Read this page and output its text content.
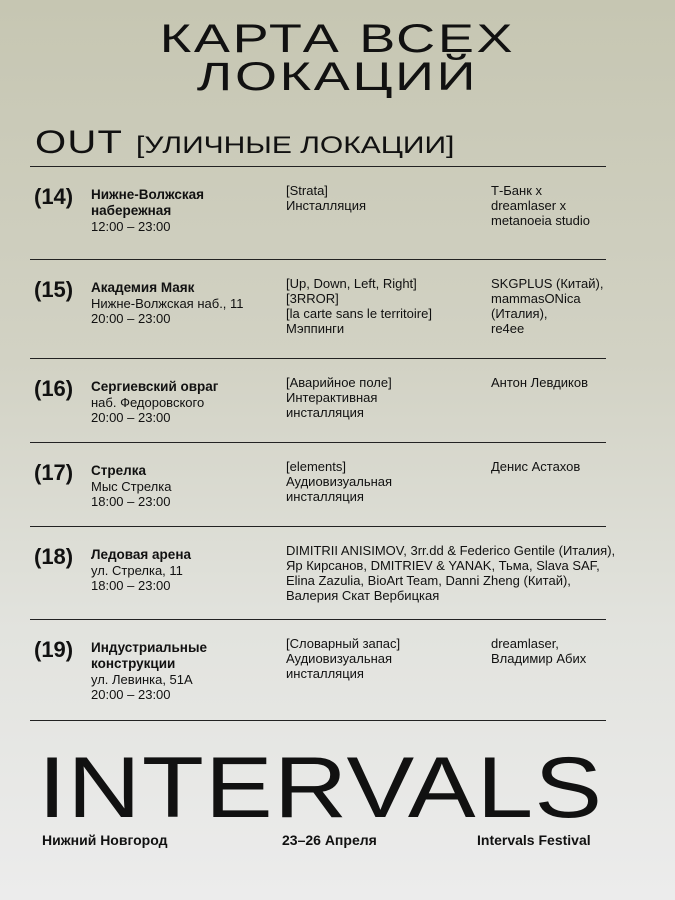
КАРТА ВСЕХ
ЛОКАЦИЙ
OUT [УЛИЧНЫЕ ЛОКАЦИИ]
(14) Нижне-Волжская
набережная
12:00 – 23:00
[Strata]
Инсталляция
Т-Банк х
dreamlaser x
metanoeia studio
(15) Академия Маяк
Нижне-Волжская наб., 11
20:00 – 23:00
[Up, Down, Left, Right]
[3RROR]
[la carte sans le territoire]
Мэппинги
SKGPLUS (Китай),
mammasONica
(Италия),
re4ee
(16) Сергиевский овраг
наб. Федоровского
20:00 – 23:00
[Аварийное поле]
Интерактивная
инсталляция
Антон Левдиков
(17) Стрелка
Мыс Стрелка
18:00 – 23:00
[elements]
Аудиовизуальная
инсталляция
Денис Астахов
(18) Ледовая арена
ул. Стрелка, 11
18:00 – 23:00
DIMITRII ANISIMOV, 3rr.dd & Federico Gentile (Италия), Яр Кирсанов, DMITRIEV & YANAK, Тьма, Slava SAF, Elina Zazulia, BioArt Team, Danni Zheng (Китай), Валерия Скат Вербицкая
(19) Индустриальные
конструкции
ул. Левинка, 51А
20:00 – 23:00
[Словарный запас]
Аудиовизуальная
инсталляция
dreamlaser,
Владимир Абих
INTERVALS
Нижний Новгород	23–26 Апреля	Intervals Festival
